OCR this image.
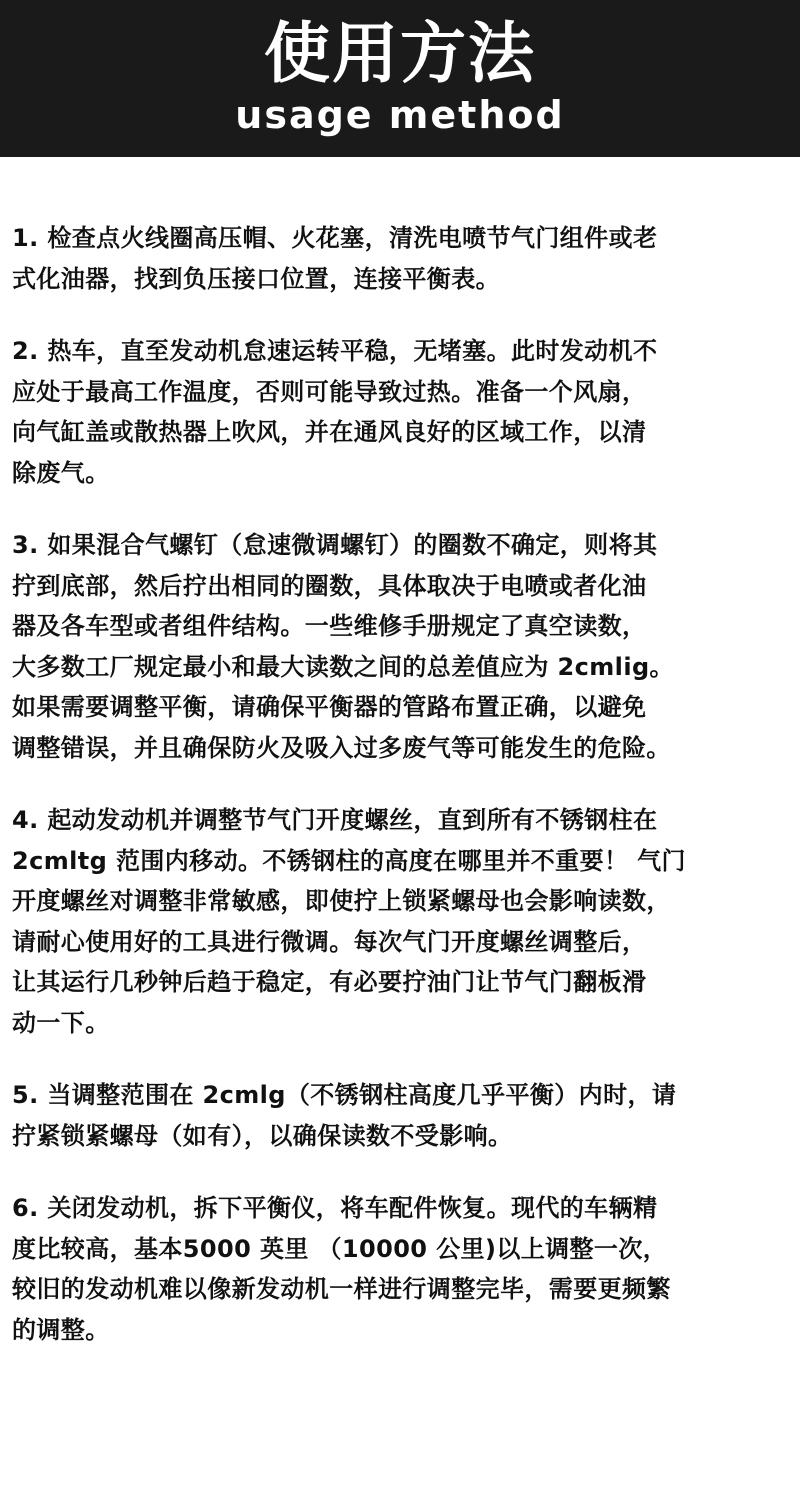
使用方法
usage method

1. 检查点火线圈高压帽、火花塞，清洗电喷节气门组件或老
式化油器，找到负压接口位置，连接平衡表。

2. 热车，直至发动机怠速运转平稳，无堵塞。此时发动机不
应处于最高工作温度，否则可能导致过热。准备一个风扇，
向气缸盖或散热器上吹风，并在通风良好的区域工作，以清
除废气。

3. 如果混合气螺钉（怠速微调螺钉）的圈数不确定，则将其
拧到底部，然后拧出相同的圈数，具体取决于电喷或者化油
器及各车型或者组件结构。一些维修手册规定了真空读数，
大多数工厂规定最小和最大读数之间的总差值应为 2cmlig。
如果需要调整平衡，请确保平衡器的管路布置正确，以避免
调整错误，并且确保防火及吸入过多废气等可能发生的危险。

4. 起动发动机并调整节气门开度螺丝，直到所有不锈钢柱在
2cmltg 范围内移动。不锈钢柱的高度在哪里并不重要！ 气门
开度螺丝对调整非常敏感，即使拧上锁紧螺母也会影响读数，
请耐心使用好的工具进行微调。每次气门开度螺丝调整后，
让其运行几秒钟后趋于稳定，有必要拧油门让节气门翻板滑
动一下。

5. 当调整范围在 2cmlg（不锈钢柱高度几乎平衡）内时，请
拧紧锁紧螺母（如有），以确保读数不受影响。

6. 关闭发动机，拆下平衡仪，将车配件恢复。现代的车辆精
度比较高，基本5000 英里 （10000 公里)以上调整一次，
较旧的发动机难以像新发动机一样进行调整完毕，需要更频繁
的调整。
